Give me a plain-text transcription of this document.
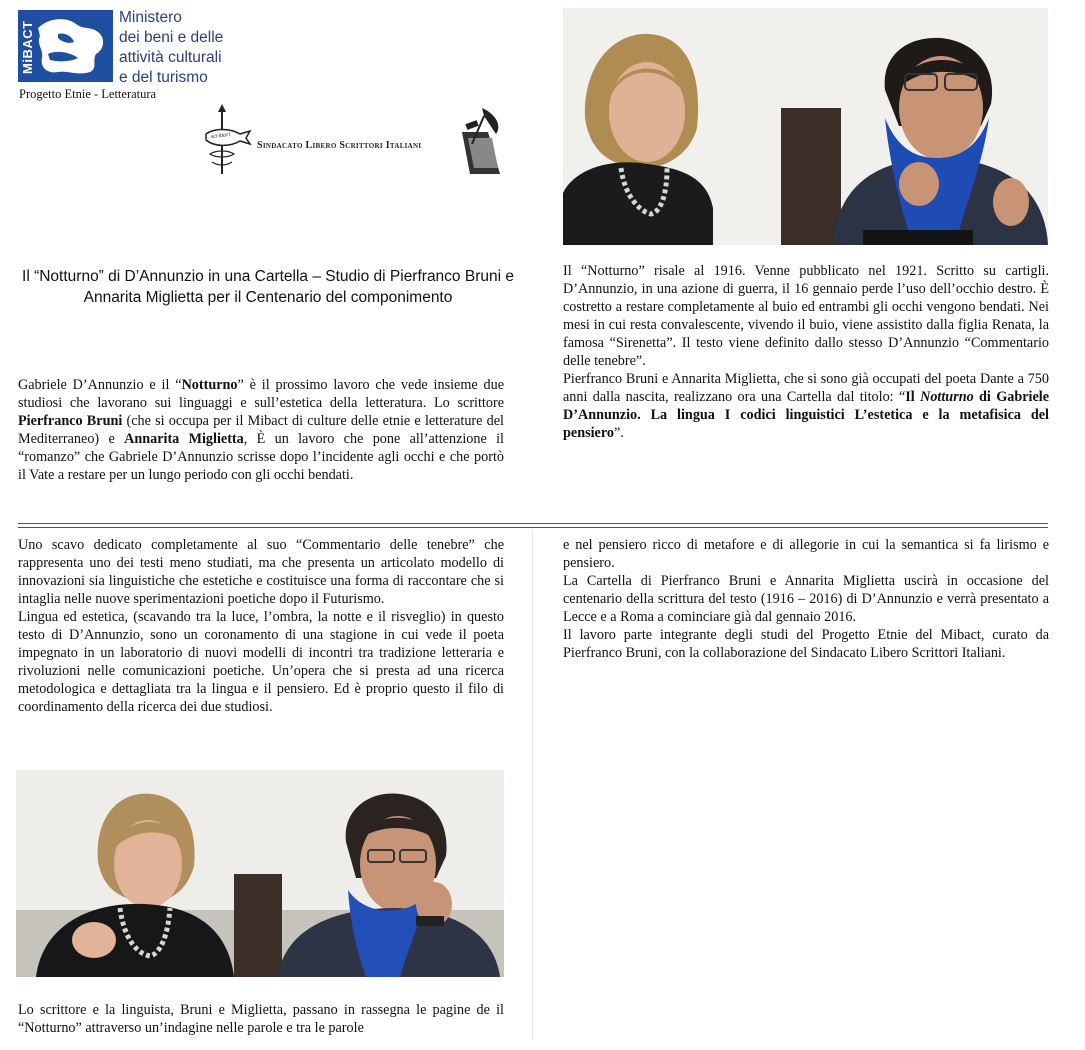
MiBACT
Ministero
dei beni e delle
attività culturali
e del turismo
Progetto Etnie - Letteratura
Sindacato Libero Scrittori Italiani
scrittori
Il “Notturno” di D’Annunzio in una Cartella – Studio di Pierfranco Bruni e Annarita Miglietta per il Centenario del componimento
Gabriele D’Annunzio e il “Notturno” è il prossimo lavoro che vede insieme due studiosi che lavorano sui linguaggi e sull’estetica della letteratura. Lo scrittore Pierfranco Bruni (che si occupa per il Mibact di culture delle etnie e letterature del Mediterraneo) e Annarita Miglietta, È un lavoro che pone all’attenzione il “romanzo” che Gabriele D’Annunzio scrisse dopo l’incidente agli occhi e che portò il Vate a restare per un lungo periodo con gli occhi bendati.

Il “Notturno” risale al 1916. Venne pubblicato nel 1921. Scritto su cartigli. D’Annunzio, in una azione di guerra, il 16 gennaio perde l’uso dell’occhio destro. È costretto a restare completamente al buio ed entrambi gli occhi vengono bendati. Nei mesi in cui resta convalescente, vivendo il buio, viene assistito dalla figlia Renata, la famosa “Sirenetta”. Il testo viene definito dallo stesso D’Annunzio “Commentario delle tenebre”.

Pierfranco Bruni e Annarita Miglietta, che si sono già occupati del poeta Dante a 750 anni dalla nascita, realizzano ora una Cartella dal titolo: “Il Notturno di Gabriele D’Annunzio. La lingua I codici linguistici L’estetica e la metafisica del pensiero”.

Uno scavo dedicato completamente al suo “Commentario delle tenebre” che rappresenta uno dei testi meno studiati, ma che presenta un articolato modello di innovazioni sia linguistiche che estetiche e costituisce una forma di raccontare che si intaglia nelle nuove sperimentazioni poetiche dopo il Futurismo.

Lingua ed estetica, (scavando tra la luce, l’ombra, la notte e il risveglio) in questo testo di D’Annunzio, sono un coronamento di una stagione in cui vede il poeta impegnato in un laboratorio di nuovi modelli di incontri tra tradizione letteraria e rivoluzioni nelle comunicazioni poetiche. Un’opera che si presta ad una ricerca metodologica e dettagliata tra la lingua e il pensiero. Ed è proprio questo il filo di coordinamento della ricerca dei due studiosi.

Lo scrittore e la linguista, Bruni e Miglietta, passano in rassegna le pagine de il “Notturno” attraverso un’indagine nelle parole e tra le parole

e nel pensiero ricco di metafore e di allegorie in cui la semantica si fa lirismo e pensiero.

La Cartella di Pierfranco Bruni e Annarita Miglietta uscirà in occasione del centenario della scrittura del testo (1916 – 2016) di D’Annunzio e verrà presentato a Lecce e a Roma a cominciare già dal gennaio 2016.

Il lavoro parte integrante degli studi del Progetto Etnie del Mibact, curato da Pierfranco Bruni, con la collaborazione del Sindacato Libero Scrittori Italiani.
